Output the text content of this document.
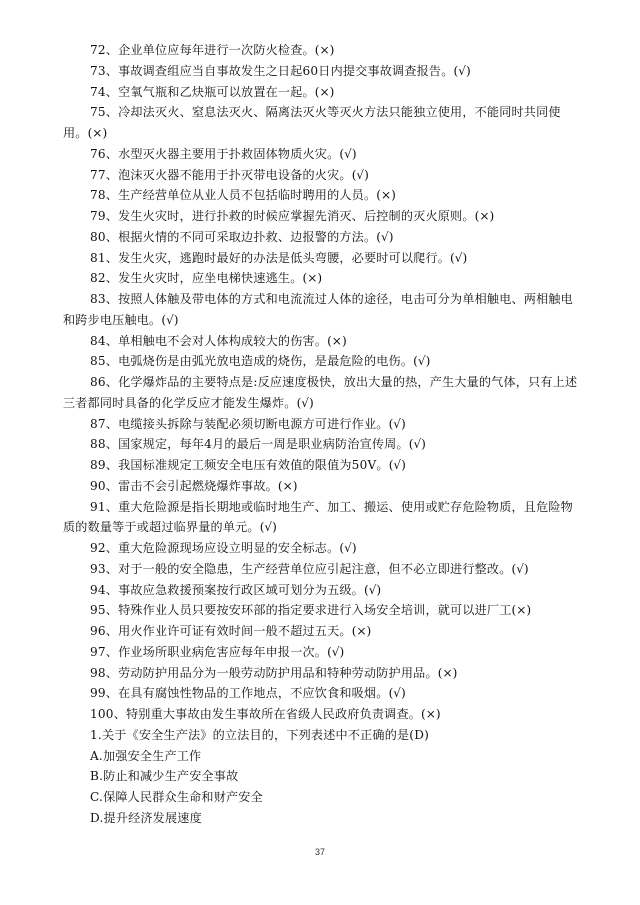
72、企业单位应每年进行一次防火检查。(×)

73、事故调查组应当自事故发生之日起60日内提交事故调查报告。(√)

74、空氧气瓶和乙炔瓶可以放置在一起。(×)

75、冷却法灭火、窒息法灭火、隔离法灭火等灭火方法只能独立使用，不能同时共同使用。(×)

76、水型灭火器主要用于扑救固体物质火灾。(√)

77、泡沫灭火器不能用于扑灭带电设备的火灾。(√)

78、生产经营单位从业人员不包括临时聘用的人员。(×)

79、发生火灾时，进行扑救的时候应掌握先消灭、后控制的灭火原则。(×)

80、根据火情的不同可采取边扑救、边报警的方法。(√)

81、发生火灾，逃跑时最好的办法是低头弯腰，必要时可以爬行。(√)

82、发生火灾时，应坐电梯快速逃生。(×)

83、按照人体触及带电体的方式和电流流过人体的途径，电击可分为单相触电、两相触电和跨步电压触电。(√)

84、单相触电不会对人体构成较大的伤害。(×)

85、电弧烧伤是由弧光放电造成的烧伤，是最危险的电伤。(√)

86、化学爆炸品的主要特点是:反应速度极快，放出大量的热，产生大量的气体，只有上述三者都同时具备的化学反应才能发生爆炸。(√)

87、电缆接头拆除与装配必须切断电源方可进行作业。(√)

88、国家规定，每年4月的最后一周是职业病防治宣传周。(√)

89、我国标准规定工频安全电压有效值的限值为50V。(√)

90、雷击不会引起燃烧爆炸事故。(×)

91、重大危险源是指长期地或临时地生产、加工、搬运、使用或贮存危险物质，且危险物质的数量等于或超过临界量的单元。(√)

92、重大危险源现场应设立明显的安全标志。(√)

93、对于一般的安全隐患，生产经营单位应引起注意，但不必立即进行整改。(√)

94、事故应急救援预案按行政区域可划分为五级。(√)

95、特殊作业人员只要按安环部的指定要求进行入场安全培训，就可以进厂工(×)

96、用火作业许可证有效时间一般不超过五天。(×)

97、作业场所职业病危害应每年申报一次。(√)

98、劳动防护用品分为一般劳动防护用品和特种劳动防护用品。(×)

99、在具有腐蚀性物品的工作地点，不应饮食和吸烟。(√)

100、特别重大事故由发生事故所在省级人民政府负责调查。(×)

1.关于《安全生产法》的立法目的，下列表述中不正确的是(D)

A.加强安全生产工作

B.防止和减少生产安全事故

C.保障人民群众生命和财产安全

D.提升经济发展速度

37
